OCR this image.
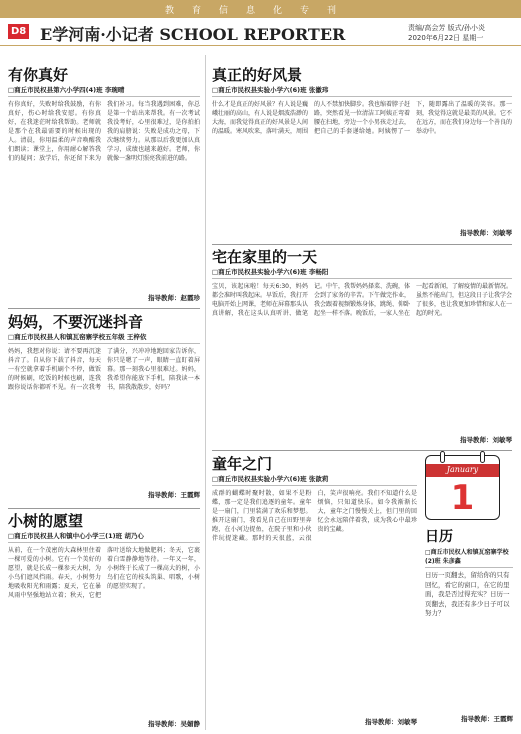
教育信息化专刊
D8 E学河南·小记者 SCHOOL REPORTER	责编/高会芳 版式/孙小炎
2020年6月22日 星期一
有你真好
□商丘市民权县第六小学四(4)班 李琬晴
有你真好，失败时给我鼓励，有你真好，伤心时给我安慰。有你真好，在我迷茫时给我帮助。老师就是那个在我最需要的时候出现的人。清晨，你用温柔的声音唤醒我们朗读；课堂上，你用耐心解答我们的疑问；放学后，你还留下来为我们补习。每当我遇到困难，你总是第一个站出来帮我。有一次考试我没考好，心里很难过，是你拍拍我的肩膀说：失败是成功之母，下次继续努力。从那以后我更加认真学习，成绩也越来越好。老师，你就像一盏明灯照亮我前进的路。
指导教师：赵霞珍
真正的好风景
□商丘市民权县实验小学六(6)班 张徽玮
什么才是真正的好风景？有人说是巍峨壮丽的高山，有人说是烟波浩渺的大海，而我觉得真正的好风景是人间的温暖。寒风吹来，落叶满天，周围的人不禁加快脚步。我也缩着脖子赶路，突然看见一位清洁工阿姨正弯着腰在扫地，旁边一个小男孩走过去，把自己的手套递给她。阿姨愣了一下，随即露出了温暖的笑容。那一刻，我觉得这就是最美的风景。它不在远方，而在我们身边每一个善良的举动中。
指导教师：刘敏琴
宅在家里的一天
□商丘市民权县实验小学六(6)班 李畅阳
宝贝，该起床啦！每天6:30，妈妈都会准时叫我起床。早饭后，我打开电脑开始上网课，老师在屏幕那头认真讲解，我在这头认真听讲、做笔记。中午，我帮妈妈择菜、洗碗，体会到了家务的辛苦。下午做完作业，我会跟着视频锻炼身体，跳绳、仰卧起坐一样不落。晚饭后，一家人坐在一起看新闻，了解疫情的最新情况。虽然不能出门，但这段日子让我学会了很多，也让我更加珍惜和家人在一起的时光。
指导教师：刘敏琴
妈妈，不要沉迷抖音
□商丘市民权县人和镇瓦窑寨学校五年级 王梓依
妈妈，我想对你说：请不要再沉迷抖音了。自从你下载了抖音，每天一有空就拿着手机刷个不停，做饭的时候刷，吃饭的时候也刷，连我跟你说话你都听不见。有一次我考了满分，兴冲冲地跑回家告诉你，你只是嗯了一声，眼睛一直盯着屏幕。那一刻我心里很难过。妈妈，我希望你能放下手机，陪我读一本书，陪我散散步，好吗？
指导教师：王霞辉
小树的愿望
□商丘市民权县人和镇中心小学三(1)班 胡乃心
从前，在一个茂密的大森林里住着一棵可爱的小树。它有一个美好的愿望，就是长成一棵参天大树，为小鸟们遮风挡雨。春天，小树努力地吸收阳光和雨露；夏天，它在暴风雨中坚强地站立着；秋天，它把落叶送给大地做肥料；冬天，它裹着白雪静静地等待。一年又一年，小树终于长成了一棵高大的树，小鸟们在它的枝头筑巢、唱歌，小树的愿望实现了。
指导教师：吴媚静
童年之门
□商丘市民权县实验小学六(6)班 张歆莉
成群的蝴蝶时聚时散，如果不是粉蝶，那一定是我们追逐的童年。童年是一扇门，门里装满了欢乐和梦想。推开这扇门，我看见自己在田野里奔跑，在小河边捉鱼，在院子里和小伙伴玩捉迷藏。那时的天很蓝，云很白，笑声很响亮。我们不知道什么是烦恼，只知道快乐。如今我渐渐长大，童年之门慢慢关上，但门里的回忆会永远陪伴着我，成为我心中最珍贵的宝藏。
指导教师：刘敏琴
January
1
日历
□商丘市民权人和镇瓦窑寨学校(2)班 朱彦鑫
日历一页翻去，留给你的只有回忆，看它的窗口，在它的里面，我是否过得充实？日历一页翻去，我还有多少日子可以努力？
指导教师：王霞辉
